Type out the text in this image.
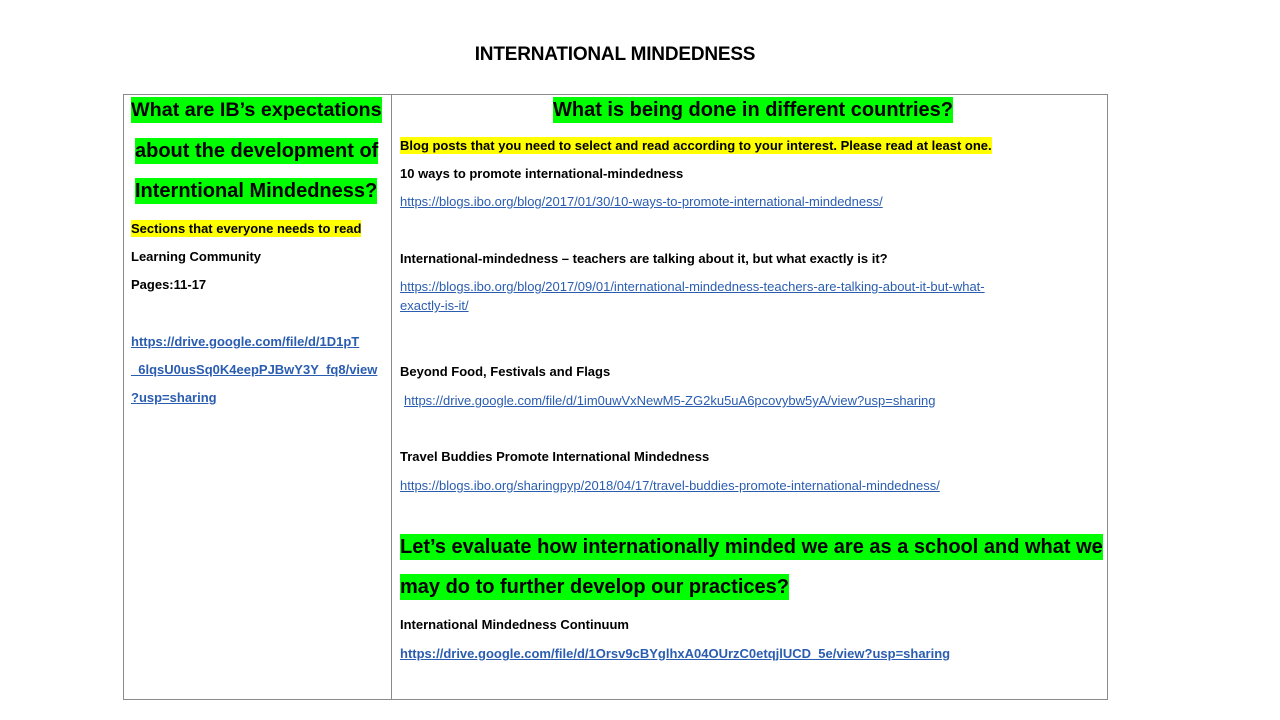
INTERNATIONAL MINDEDNESS
What are IB’s expectations
about the development of
Interntional Mindedness?
Sections that everyone needs to read
Learning Community
Pages:11-17
https://drive.google.com/file/d/1D1pT
_6lqsU0usSq0K4eepPJBwY3Y_fq8/view
?usp=sharing
What is being done in different countries?
Blog posts that you need to select and read according to your interest. Please read at least one.
10 ways to promote international-mindedness
https://blogs.ibo.org/blog/2017/01/30/10-ways-to-promote-international-mindedness/
International-mindedness – teachers are talking about it, but what exactly is it?
https://blogs.ibo.org/blog/2017/09/01/international-mindedness-teachers-are-talking-about-it-but-what-
exactly-is-it/
Beyond Food, Festivals and Flags
https://drive.google.com/file/d/1im0uwVxNewM5-ZG2ku5uA6pcovybw5yA/view?usp=sharing
Travel Buddies Promote International Mindedness
https://blogs.ibo.org/sharingpyp/2018/04/17/travel-buddies-promote-international-mindedness/
Let’s evaluate how internationally minded we are as a school and what we
may do to further develop our practices?
International Mindedness Continuum
https://drive.google.com/file/d/1Orsv9cBYglhxA04OUrzC0etqjlUCD_5e/view?usp=sharing
